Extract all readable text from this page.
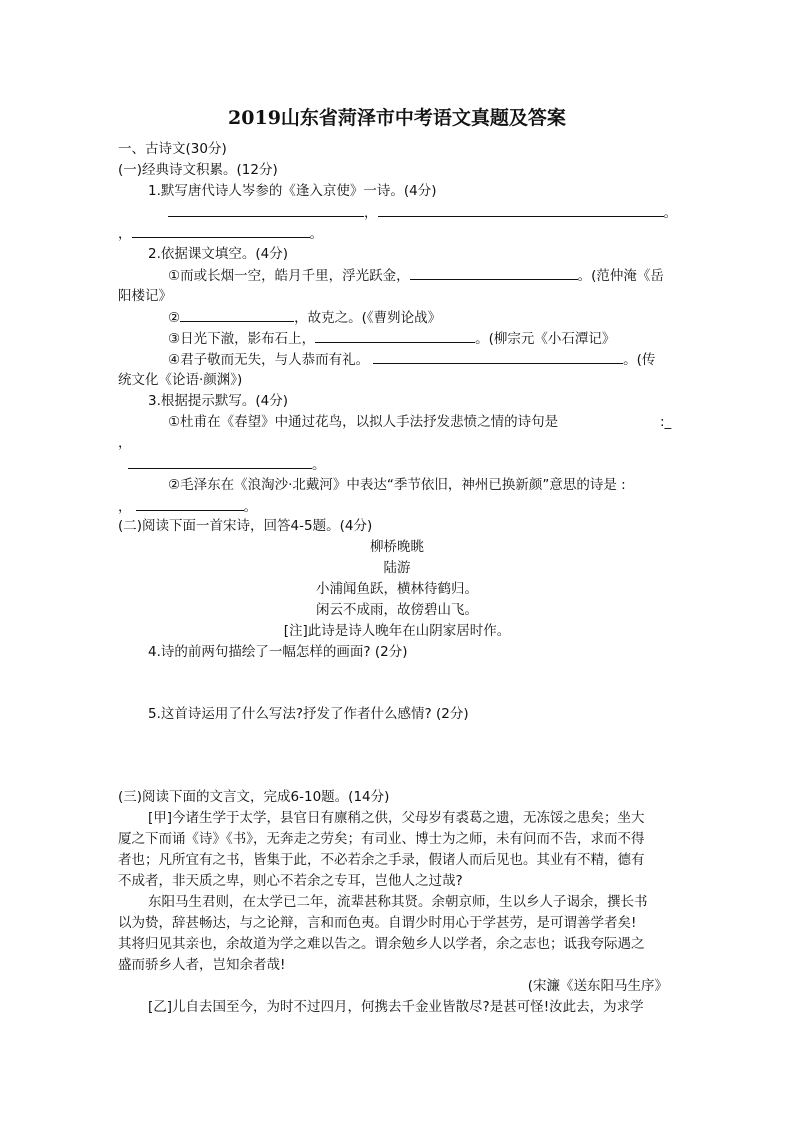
2019山东省菏泽市中考语文真题及答案
一、古诗文(30分)
(一)经典诗文积累。(12分)
1.默写唐代诗人岑参的《逢入京使》一诗。(4分)
，	。
，	。
2.依据课文填空。(4分)
①而或长烟一空，皓月千里，浮光跃金，	。(范仲淹《岳
阳楼记》
②	，故克之。(《曹刿论战》
③日光下澈，影布石上，	。(柳宗元《小石潭记》
④君子敬而无失，与人恭而有礼。	。(传
统文化《论语·颜渊》)
3.根据提示默写。(4分)
①杜甫在《春望》中通过花鸟，以拟人手法抒发悲愤之情的诗句是	:_
，
。
②毛泽东在《浪淘沙·北戴河》中表达“季节依旧，神州已换新颜”意思的诗是 :
，	。
(二)阅读下面一首宋诗，回答4-5题。(4分)
柳桥晚眺
陆游
小浦闻鱼跃，横林待鹤归。
闲云不成雨，故傍碧山飞。
[注]此诗是诗人晚年在山阴家居时作。
4.诗的前两句描绘了一幅怎样的画面? (2分)
5.这首诗运用了什么写法?抒发了作者什么感情? (2分)
(三)阅读下面的文言文，完成6-10题。(14分)
[甲]今诸生学于太学，县官日有廪稍之供，父母岁有裘葛之遗，无冻馁之患矣；坐大
厦之下而诵《诗》《书》，无奔走之劳矣；有司业、博士为之师，未有问而不告，求而不得
者也；凡所宜有之书，皆集于此，不必若余之手录，假诸人而后见也。其业有不精，德有
不成者，非天质之卑，则心不若余之专耳，岂他人之过哉?
东阳马生君则，在太学已二年，流辈甚称其贤。余朝京师，生以乡人子谒余，撰长书
以为贽，辞甚畅达，与之论辩，言和而色夷。自谓少时用心于学甚劳，是可谓善学者矣!
其将归见其亲也，余故道为学之难以告之。谓余勉乡人以学者，余之志也；诋我夸际遇之
盛而骄乡人者，岂知余者哉!
(宋濂《送东阳马生序》
[乙]儿自去国至今，为时不过四月，何携去千金业皆散尽?是甚可怪!汝此去，为求学
